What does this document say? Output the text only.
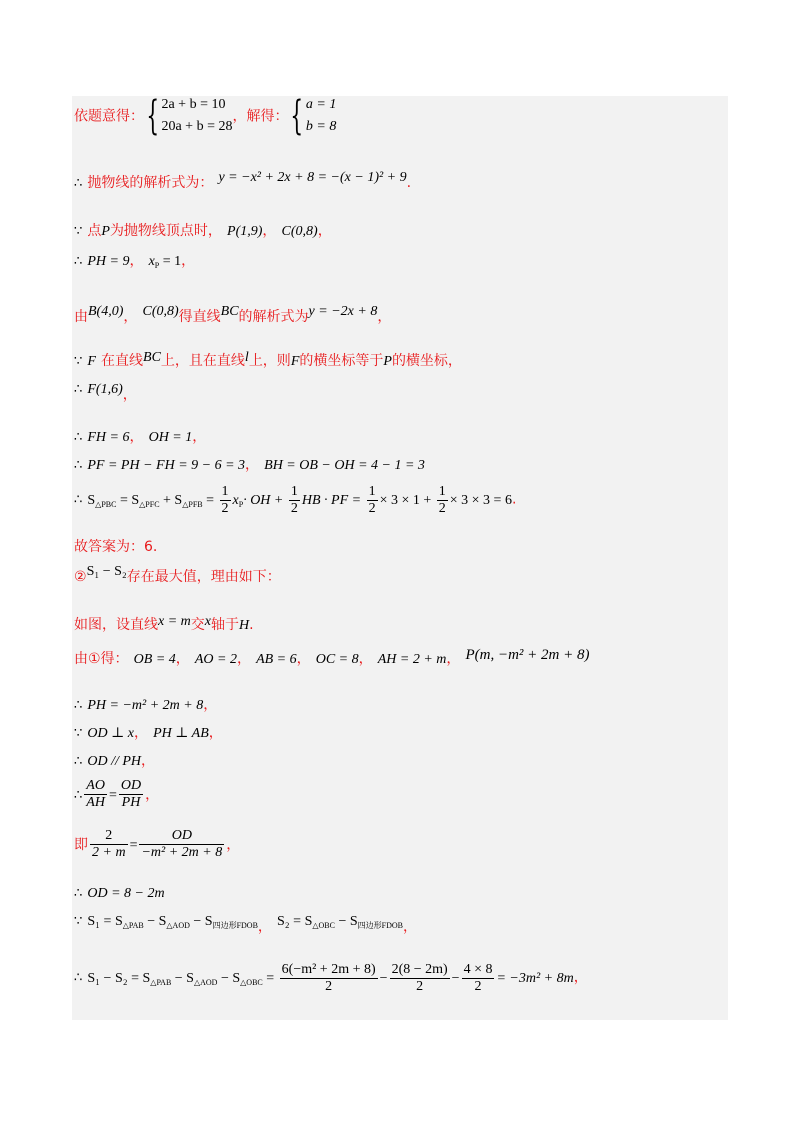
依题意得：{ 2a + b = 10
20a + b = 28
，解得：{ a = 1
b = 8
∴ 抛物线的解析式为： y = −x² + 2x + 8 = −(x − 1)² + 9.
∵ 点P为抛物线顶点时， P(1,9)， C(0,8)，
∴ PH = 9， $x_P = 1$，
由B(4,0)， C(0,8)得直线BC的解析式为y = −2x + 8，
∵ F 在直线BC上，且在直线l上，则F的横坐标等于P的横坐标，
∴ F(1,6)，
∴ FH = 6， OH = 1，
∴ PF = PH − FH = 9 − 6 = 3， BH = OB − OH = 4 − 1 = 3
∴ $S_{\triangle PBC} = S_{\triangle PFC} + S_{\triangle PFB} = \frac{1}{2} x_P\cdot$ OH + $\frac{1}{2}$ HB · PF = $\frac{1}{2} \times 3 \times 1 + \frac{1}{2} \times 3 \times 3 = 6$.
故答案为：6.
②S₁ − S₂存在最大值，理由如下：
如图，设直线x = m交x轴于H.
由①得： OB = 4， AO = 2， AB = 6， OC = 8， AH = 2 + m， P(m, −m² + 2m + 8)
∴ PH = −m² + 2m + 8，
∵ OD ⊥ x， PH ⊥ AB，
∴ OD // PH，
∴ $\frac{AO}{AH} = \frac{OD}{PH}$ ，
即 $\frac{2}{2 + m} = \frac{OD}{\text{−m² + 2m + 8}}$ ，
∴ OD = 8 − 2m
∵ $S_1 = S_{\triangle PAB} - S_{\triangle AOD} - S_{四边形FDOB}$， $S_2 = S_{\triangle OBC} - S_{四边形FDOB}$，
∴ $S_1 - S_2 = S_{\triangle PAB} - S_{\triangle AOD} - S_{\triangle OBC} = \frac{\text{6(−m² + 2m + 8)}}{2} - \frac{2(8 - 2m)}{2} - \frac{4 \times 8}{2} = -3m^2 + 8m$，
